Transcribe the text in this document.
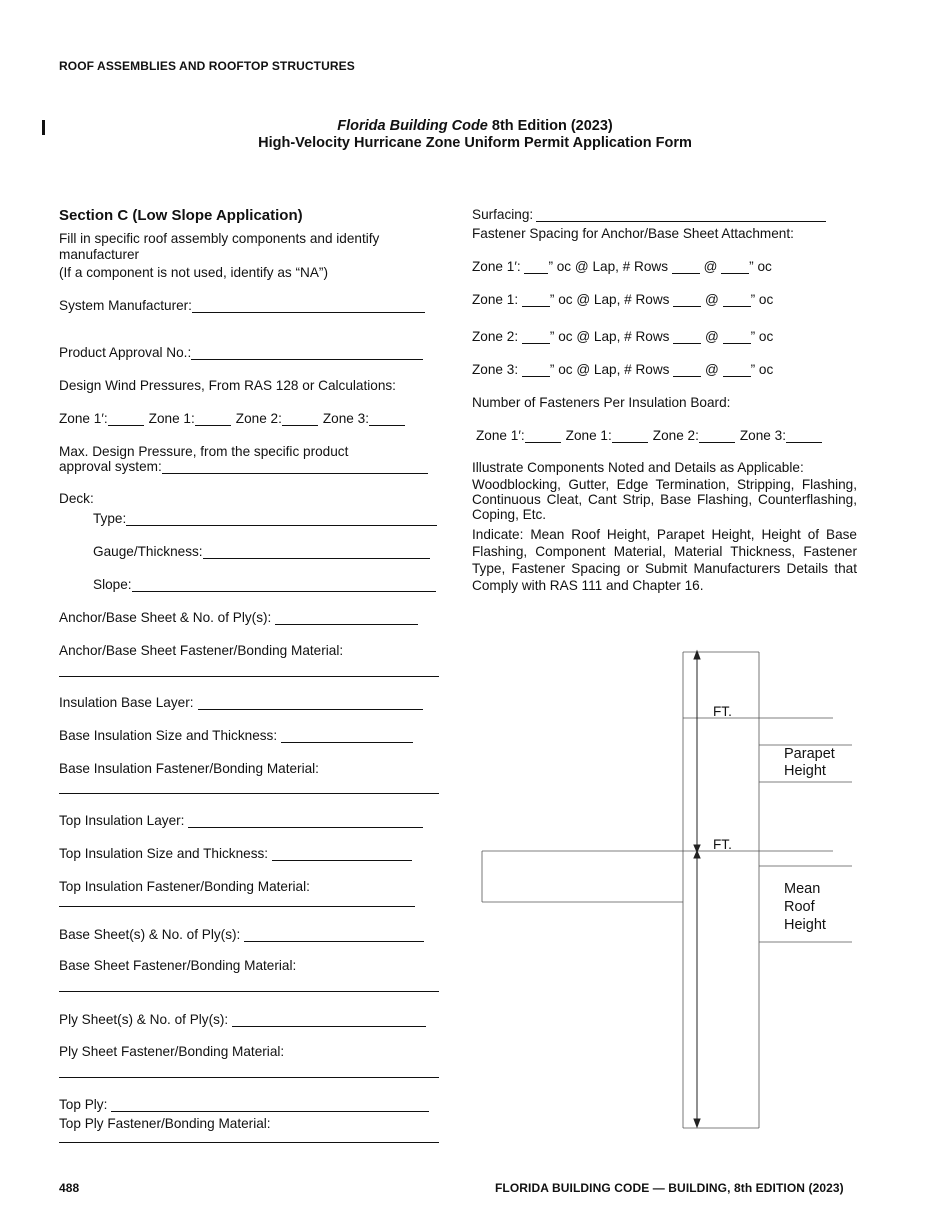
ROOF ASSEMBLIES AND ROOFTOP STRUCTURES
Florida Building Code 8th Edition (2023)
High-Velocity Hurricane Zone Uniform Permit Application Form
Section C (Low Slope Application)
Fill in specific roof assembly components and identify manufacturer
(If a component is not used, identify as “NA”)
System Manufacturer:
Product Approval No.:
Design Wind Pressures, From RAS 128 or Calculations:
Zone 1′:	Zone 1:	Zone 2:	Zone 3:
Max. Design Pressure, from the specific product
approval system:
Deck:
Type:
Gauge/Thickness:
Slope:
Anchor/Base Sheet & No. of Ply(s):
Anchor/Base Sheet Fastener/Bonding Material:
Insulation Base Layer:
Base Insulation Size and Thickness:
Base Insulation Fastener/Bonding Material:
Top Insulation Layer:
Top Insulation Size and Thickness:
Top Insulation Fastener/Bonding Material:
Base Sheet(s) & No. of Ply(s):
Base Sheet Fastener/Bonding Material:
Ply Sheet(s) & No. of Ply(s):
Ply Sheet Fastener/Bonding Material:
Top Ply:
Top Ply Fastener/Bonding Material:
Surfacing:
Fastener Spacing for Anchor/Base Sheet Attachment:
Zone 1′: ” oc @ Lap, # Rows	@ ” oc
Zone 1: ” oc @ Lap, # Rows	@ ” oc
Zone 2: ” oc @ Lap, # Rows	@ ” oc
Zone 3: ” oc @ Lap, # Rows	@ ” oc
Number of Fasteners Per Insulation Board:
Zone 1′:	Zone 1:	Zone 2:	Zone 3:
Illustrate Components Noted and Details as Applicable:
Woodblocking, Gutter, Edge Termination, Stripping, Flashing, Continuous Cleat, Cant Strip, Base Flashing, Counterflashing, Coping, Etc.
Indicate: Mean Roof Height, Parapet Height, Height of Base Flashing, Component Material, Material Thickness, Fastener Type, Fastener Spacing or Submit Manufacturers Details that Comply with RAS 111 and Chapter 16.
FT.
FT.
Parapet
Height
Mean
Roof
Height
488	FLORIDA BUILDING CODE — BUILDING, 8th EDITION (2023)
